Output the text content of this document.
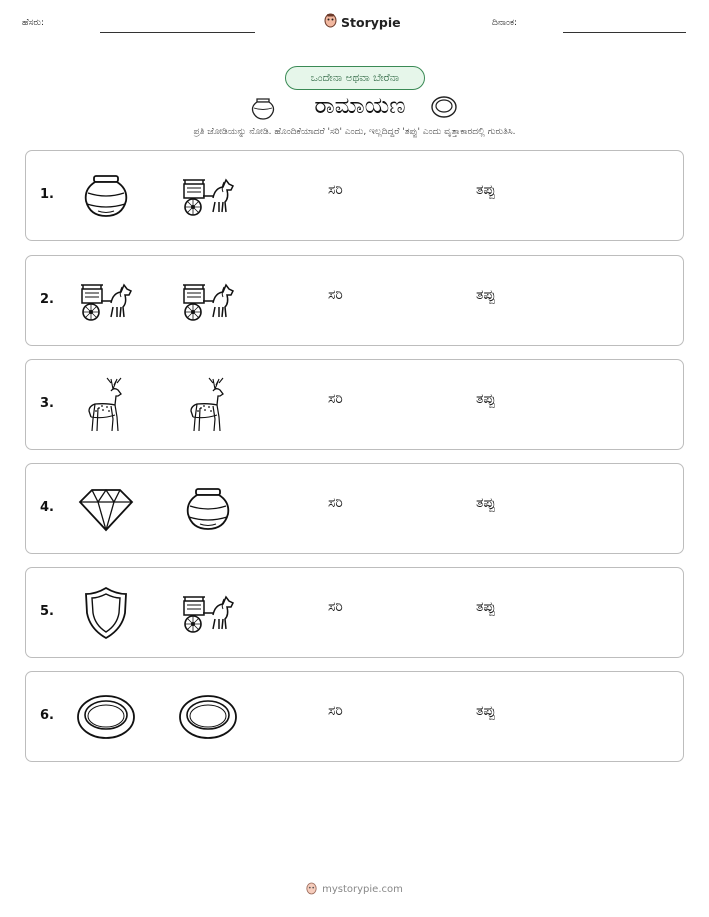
ಹೆಸರು:	Storypie	ದಿನಾಂಕ:
ಒಂದೇನಾ ಅಥವಾ ಬೇರೆನಾ
ರಾಮಾಯಣ
ಪ್ರತಿ ಜೋಡಿಯನ್ನು ನೋಡಿ. ಹೊಂದಿಕೆಯಾದರೆ 'ಸರಿ' ಎಂದು, ಇಲ್ಲದಿದ್ದರೆ 'ತಪ್ಪು' ಎಂದು ವೃತ್ತಾಕಾರದಲ್ಲಿ ಗುರುತಿಸಿ.
1.	ಸರಿ	ತಪ್ಪು
2.	ಸರಿ	ತಪ್ಪು
3.	ಸರಿ	ತಪ್ಪು
4.	ಸರಿ	ತಪ್ಪು
5.	ಸರಿ	ತಪ್ಪು
6.	ಸರಿ	ತಪ್ಪು
mystorypie.com
